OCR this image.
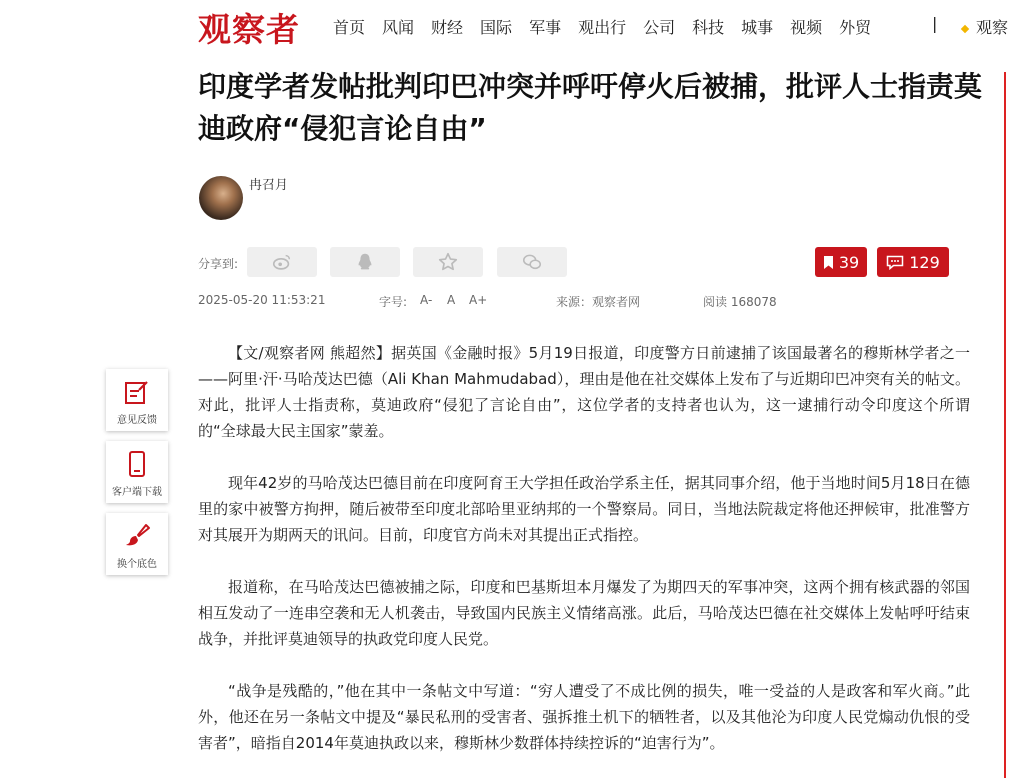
观察者 首页 风闻 财经 国际 军事 观出行 公司 科技 城事 视频 外贸	|	观察
印度学者发帖批判印巴冲突并呼吁停火后被捕，批评人士指责莫迪政府“侵犯言论自由”
冉召月
分享到:	39	129
2025-05-20 11:53:21	字号: A- A A+	来源：观察者网	阅读 168078

【文/观察者网 熊超然】据英国《金融时报》5月19日报道，印度警方日前逮捕了该国最著名的穆斯林学者之一——阿里·汗·马哈茂达巴德（Ali Khan Mahmudabad），理由是他在社交媒体上发布了与近期印巴冲突有关的帖文。对此，批评人士指责称，莫迪政府“侵犯了言论自由”，这位学者的支持者也认为，这一逮捕行动令印度这个所谓的“全球最大民主国家”蒙羞。

现年42岁的马哈茂达巴德目前在印度阿育王大学担任政治学系主任，据其同事介绍，他于当地时间5月18日在德里的家中被警方拘押，随后被带至印度北部哈里亚纳邦的一个警察局。同日，当地法院裁定将他还押候审，批准警方对其展开为期两天的讯问。目前，印度官方尚未对其提出正式指控。

报道称，在马哈茂达巴德被捕之际，印度和巴基斯坦本月爆发了为期四天的军事冲突，这两个拥有核武器的邻国相互发动了一连串空袭和无人机袭击，导致国内民族主义情绪高涨。此后，马哈茂达巴德在社交媒体上发帖呼吁结束战争，并批评莫迪领导的执政党印度人民党。

“战争是残酷的，”他在其中一条帖文中写道：“穷人遭受了不成比例的损失，唯一受益的人是政客和军火商。”此外，他还在另一条帖文中提及“暴民私刑的受害者、强拆推土机下的牺牲者，以及其他沦为印度人民党煽动仇恨的受害者”，暗指自2014年莫迪执政以来，穆斯林少数群体持续控诉的“迫害行为”。

意见反馈
客户端下载
换个底色
